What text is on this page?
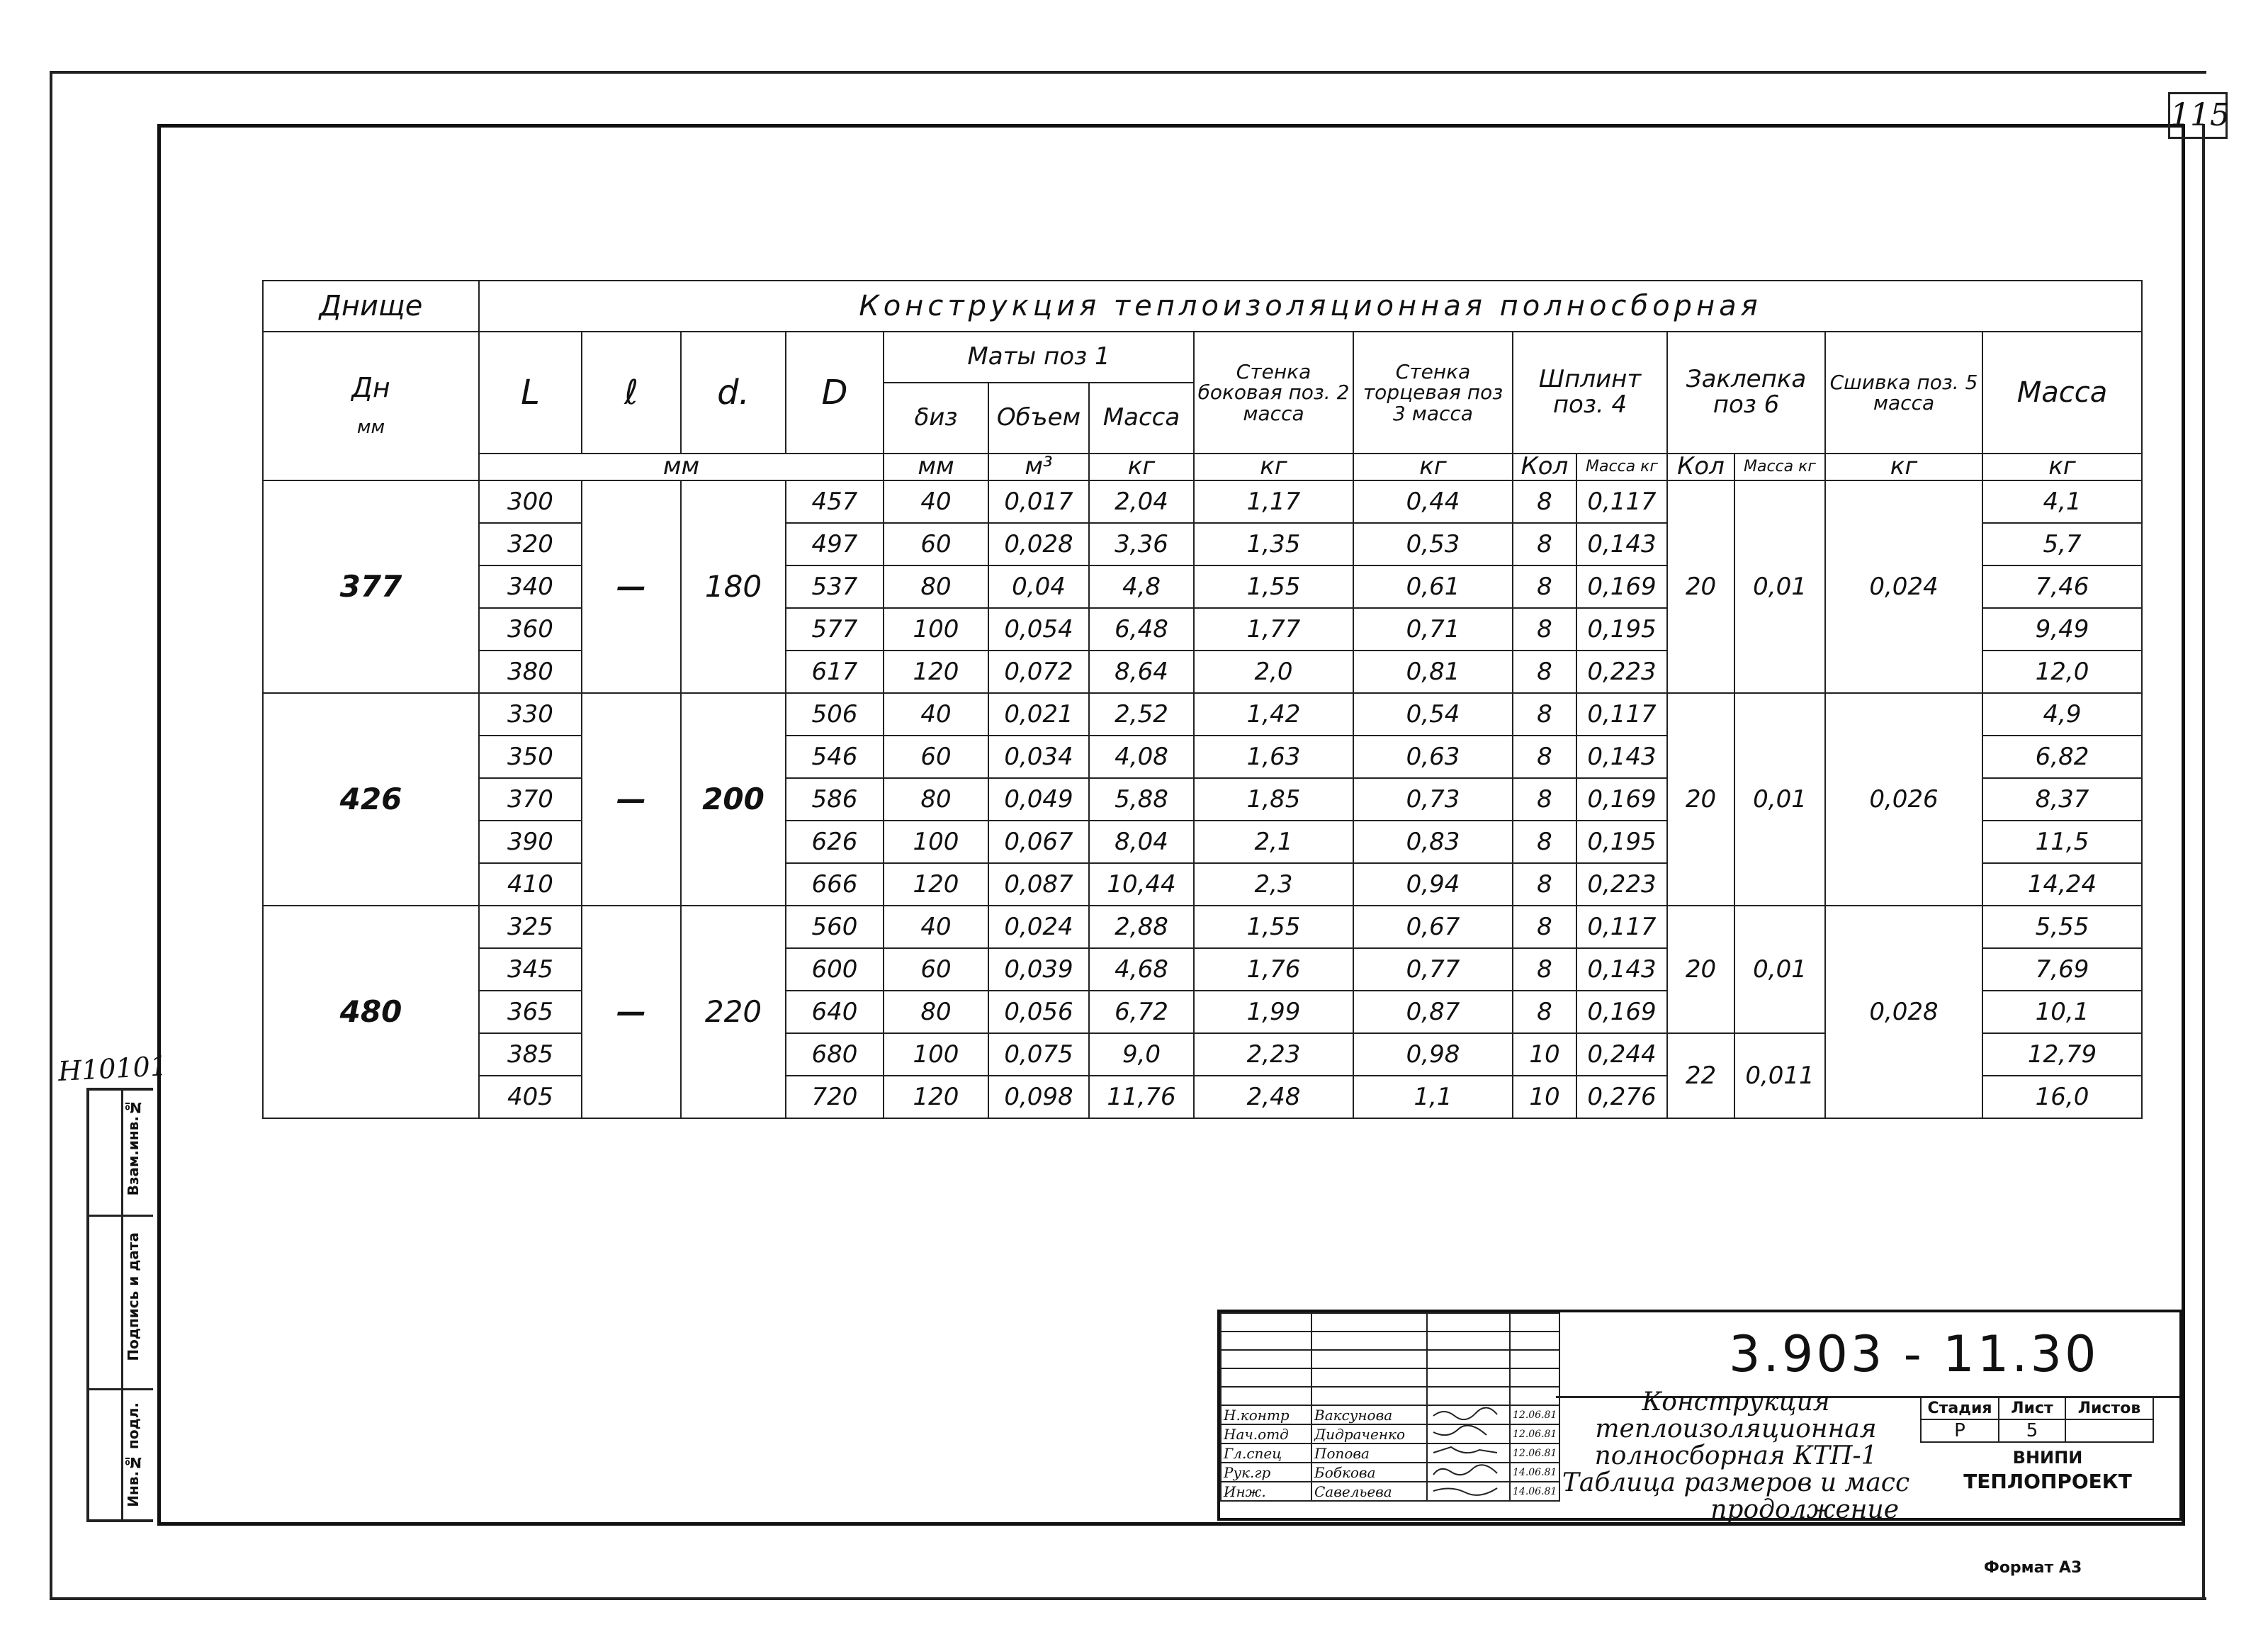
115
Н10101
Инв.№ подл.
Подпись и дата
Взам.инв.№
Днище	Конструкция теплоизоляционная полносборная														

Дн
мм	L	ℓ	d.	D	Маты поз 1			Стенка боковая поз. 2 масса	Стенка торцевая поз 3 масса	Шплинт поз. 4		Заклепка поз 6		Сшивка поз. 5 масса	Масса
					δиз	Объем	Масса								
	мм				мм	м³	кг	кг	кг	Кол	Масса кг	Кол	Масса кг	кг	кг
377	300	—	180	457	40	0,017	2,04	1,17	0,44	8	0,117	20	0,01	0,024	4,1
	320			497	60	0,028	3,36	1,35	0,53	8	0,143				5,7
	340			537	80	0,04	4,8	1,55	0,61	8	0,169				7,46
	360			577	100	0,054	6,48	1,77	0,71	8	0,195				9,49
	380			617	120	0,072	8,64	2,0	0,81	8	0,223				12,0
426	330	—	200	506	40	0,021	2,52	1,42	0,54	8	0,117	20	0,01	0,026	4,9
	350			546	60	0,034	4,08	1,63	0,63	8	0,143				6,82
	370			586	80	0,049	5,88	1,85	0,73	8	0,169				8,37
	390			626	100	0,067	8,04	2,1	0,83	8	0,195				11,5
	410			666	120	0,087	10,44	2,3	0,94	8	0,223				14,24
480	325	—	220	560	40	0,024	2,88	1,55	0,67	8	0,117	20	0,01	0,028	5,55
	345			600	60	0,039	4,68	1,76	0,77	8	0,143				7,69
	365			640	80	0,056	6,72	1,99	0,87	8	0,169				10,1
	385			680	100	0,075	9,0	2,23	0,98	10	0,244	22	0,011		12,79
	405			720	120	0,098	11,76	2,48	1,1	10	0,276				16,0

Н.контр	Ваксунова		12.06.81
Нач.отд	Дидраченко		12.06.81
Гл.спец	Попова		12.06.81
Рук.гр	Бобкова		14.06.81
Инж.	Савельева		14.06.81
3.903 - 11.30
Конструкция
теплоизоляционная
полносборная КТП-1
Таблица размеров и масс
продолжение
Стадия	Лист	Листов
Р	5	
ВНИПИ
ТЕПЛОПРОЕКТ
Формат А3
